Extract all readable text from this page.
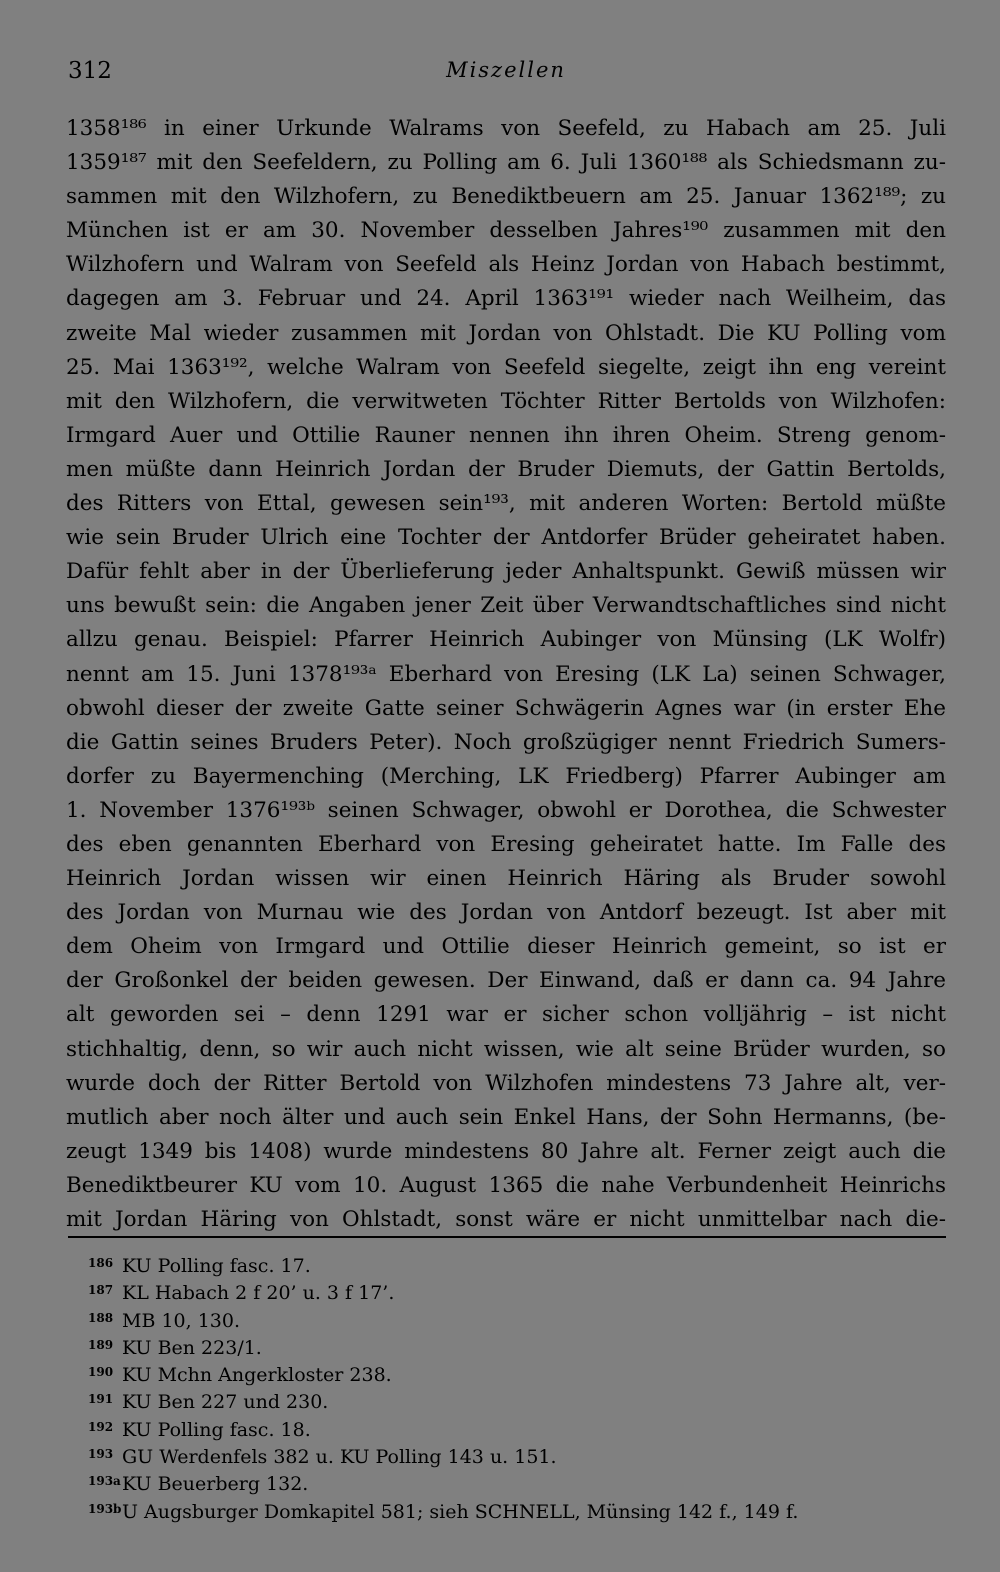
312	Miszellen
1358¹⁸⁶ in einer Urkunde Walrams von Seefeld, zu Habach am 25. Juli
1359¹⁸⁷ mit den Seefeldern, zu Polling am 6. Juli 1360¹⁸⁸ als Schiedsmann zu-
sammen mit den Wilzhofern, zu Benediktbeuern am 25. Januar 1362¹⁸⁹; zu
München ist er am 30. November desselben Jahres¹⁹⁰ zusammen mit den
Wilzhofern und Walram von Seefeld als Heinz Jordan von Habach bestimmt,
dagegen am 3. Februar und 24. April 1363¹⁹¹ wieder nach Weilheim, das
zweite Mal wieder zusammen mit Jordan von Ohlstadt. Die KU Polling vom
25. Mai 1363¹⁹², welche Walram von Seefeld siegelte, zeigt ihn eng vereint
mit den Wilzhofern, die verwitweten Töchter Ritter Bertolds von Wilzhofen:
Irmgard Auer und Ottilie Rauner nennen ihn ihren Oheim. Streng genom-
men müßte dann Heinrich Jordan der Bruder Diemuts, der Gattin Bertolds,
des Ritters von Ettal, gewesen sein¹⁹³, mit anderen Worten: Bertold müßte
wie sein Bruder Ulrich eine Tochter der Antdorfer Brüder geheiratet haben.
Dafür fehlt aber in der Überlieferung jeder Anhaltspunkt. Gewiß müssen wir
uns bewußt sein: die Angaben jener Zeit über Verwandtschaftliches sind nicht
allzu genau. Beispiel: Pfarrer Heinrich Aubinger von Münsing (LK Wolfr)
nennt am 15. Juni 1378¹⁹³ᵃ Eberhard von Eresing (LK La) seinen Schwager,
obwohl dieser der zweite Gatte seiner Schwägerin Agnes war (in erster Ehe
die Gattin seines Bruders Peter). Noch großzügiger nennt Friedrich Sumers-
dorfer zu Bayermenching (Merching, LK Friedberg) Pfarrer Aubinger am
1. November 1376¹⁹³ᵇ seinen Schwager, obwohl er Dorothea, die Schwester
des eben genannten Eberhard von Eresing geheiratet hatte. Im Falle des
Heinrich Jordan wissen wir einen Heinrich Häring als Bruder sowohl
des Jordan von Murnau wie des Jordan von Antdorf bezeugt. Ist aber mit
dem Oheim von Irmgard und Ottilie dieser Heinrich gemeint, so ist er
der Großonkel der beiden gewesen. Der Einwand, daß er dann ca. 94 Jahre
alt geworden sei – denn 1291 war er sicher schon volljährig – ist nicht
stichhaltig, denn, so wir auch nicht wissen, wie alt seine Brüder wurden, so
wurde doch der Ritter Bertold von Wilzhofen mindestens 73 Jahre alt, ver-
mutlich aber noch älter und auch sein Enkel Hans, der Sohn Hermanns, (be-
zeugt 1349 bis 1408) wurde mindestens 80 Jahre alt. Ferner zeigt auch die
Benediktbeurer KU vom 10. August 1365 die nahe Verbundenheit Heinrichs
mit Jordan Häring von Ohlstadt, sonst wäre er nicht unmittelbar nach die-
186 KU Polling fasc. 17.
187 KL Habach 2 f 20’ u. 3 f 17’.
188 MB 10, 130.
189 KU Ben 223/1.
190 KU Mchn Angerkloster 238.
191 KU Ben 227 und 230.
192 KU Polling fasc. 18.
193 GU Werdenfels 382 u. KU Polling 143 u. 151.
193aKU Beuerberg 132.
193bU Augsburger Domkapitel 581; sieh SCHNELL, Münsing 142 f., 149 f.
